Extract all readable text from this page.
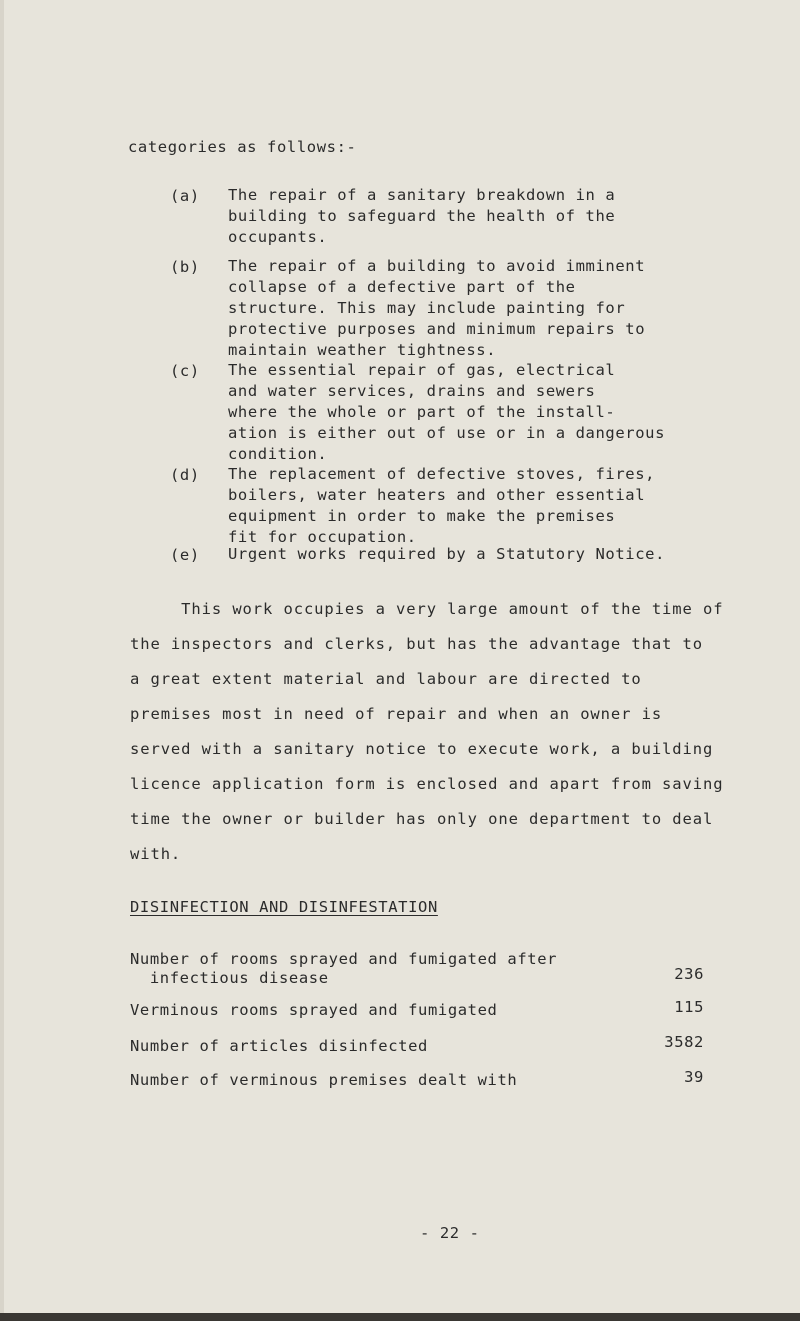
categories as follows:-
(a) The repair of a sanitary breakdown in a
building to safeguard the health of the
occupants.
(b) The repair of a building to avoid imminent
collapse of a defective part of the
structure. This may include painting for
protective purposes and minimum repairs to
maintain weather tightness.
(c) The essential repair of gas, electrical
and water services, drains and sewers
where the whole or part of the install-
ation is either out of use or in a dangerous
condition.
(d) The replacement of defective stoves, fires,
boilers, water heaters and other essential
equipment in order to make the premises
fit for occupation.
(e) Urgent works required by a Statutory Notice.
This work occupies a very large amount of the time of
the inspectors and clerks, but has the advantage that to
a great extent material and labour are directed to
premises most in need of repair and when an owner is
served with a sanitary notice to execute work, a building
licence application form is enclosed and apart from saving
time the owner or builder has only one department to deal
with.
DISINFECTION AND DISINFESTATION
Number of rooms sprayed and fumigated after
infectious disease	236
Verminous rooms sprayed and fumigated	115
Number of articles disinfected	3582
Number of verminous premises dealt with	39
- 22 -
